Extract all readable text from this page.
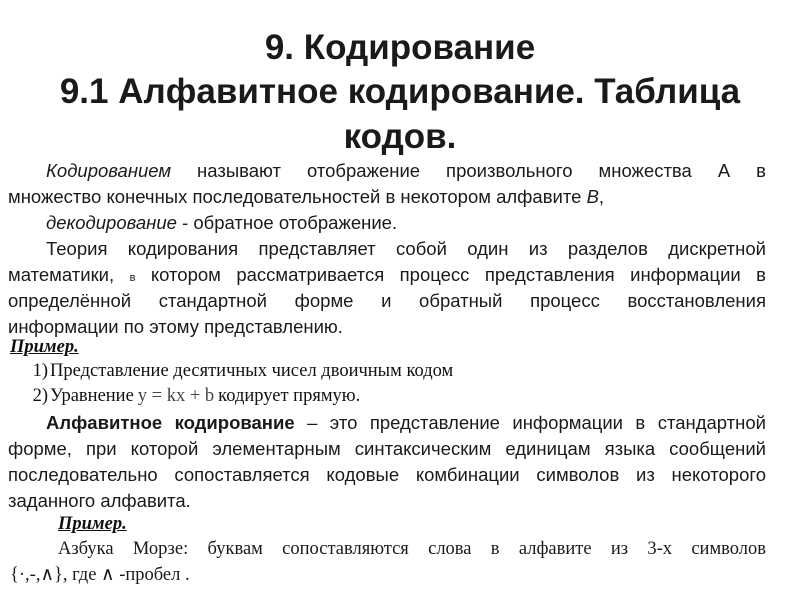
9. Кодирование
9.1 Алфавитное кодирование. Таблица
кодов.

Кодированием называют отображение произвольного множества А в

множество конечных последовательностей в некотором алфавите B,

декодирование - обратное отображение.

Теория кодирования представляет собой один из разделов дискретной

математики, в котором рассматривается процесс представления информации в

определённой стандартной форме и обратный процесс восстановления

информации по этому представлению.

Пример.
1) Представление десятичных чисел двоичным кодом
2) Уравнение y = kx + b кодирует прямую.

Алфавитное кодирование – это представление информации в стандартной

форме, при которой элементарным синтаксическим единицам языка сообщений

последовательно сопоставляется кодовые комбинации символов из некоторого

заданного алфавита.

Пример.

Азбука Морзе: буквам сопоставляются слова в алфавите из 3-х символов

{·,-,∧}, где ∧ -пробел .
